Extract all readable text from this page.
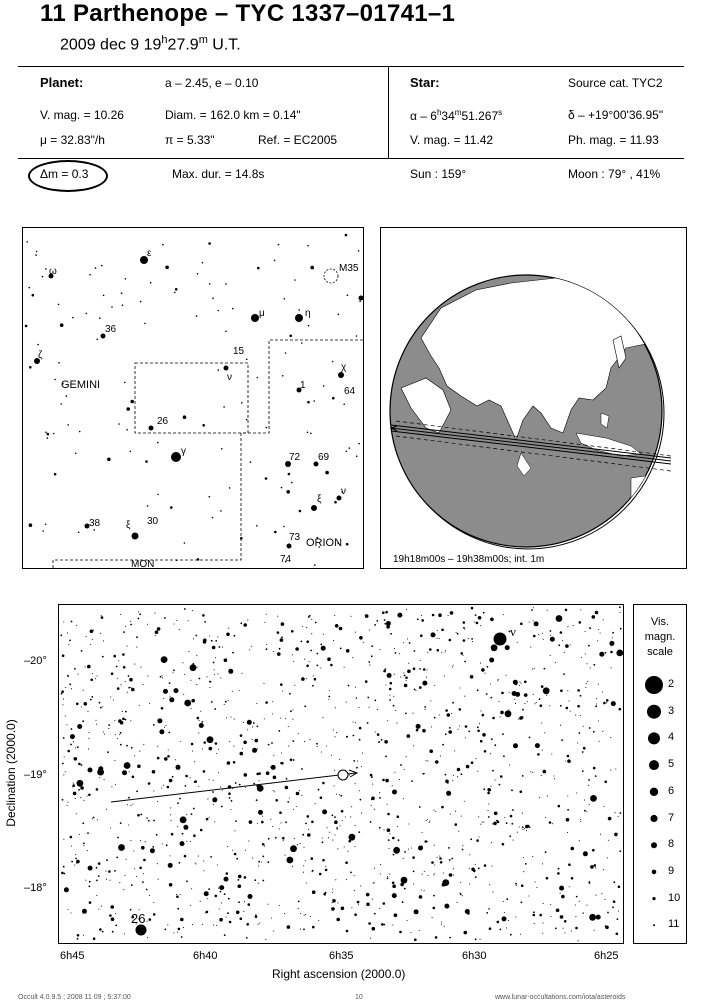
11 Parthenope – TYC 1337–01741–1
2009 dec 9 19$^h$27.9$^m$ U.T.
Planet:	a – 2.45, e – 0.10
V. mag. = 10.26	Diam. = 162.0 km = 0.14"
μ = 32.83"/h	π = 5.33"	Ref. = EC2005
Star:	Source cat. TYC2
α – 6$^h$34$^m$51.267$^s$	δ – +19°00'36.95"
V. mag. = 11.42	Ph. mag. = 11.93
Δm = 0.3	Max. dur. = 14.8s	Sun : 159°	Moon : 79° , 41%
GEMINI
ORION
MON
M35
ε
ω
36
ζ
μ	η
15
ν
26
γ
38	ξ 30
1
χ
64
72 69
ξ
ν
73
74	19h18m00s – 19h38m00s; int. 1m
ν
26
–20°
–19°
–18°
6h45	6h40	6h35	6h30	6h25
Right ascension (2000.0)
Declination (2000.0)
Vis.
magn.
scale
2
3
4
5
6
7
8
9
10
11
Occult 4.0.9.5 ; 2008 11 09 ; 5:37:00	10	www.lunar-occultations.com/iota/asteroids
